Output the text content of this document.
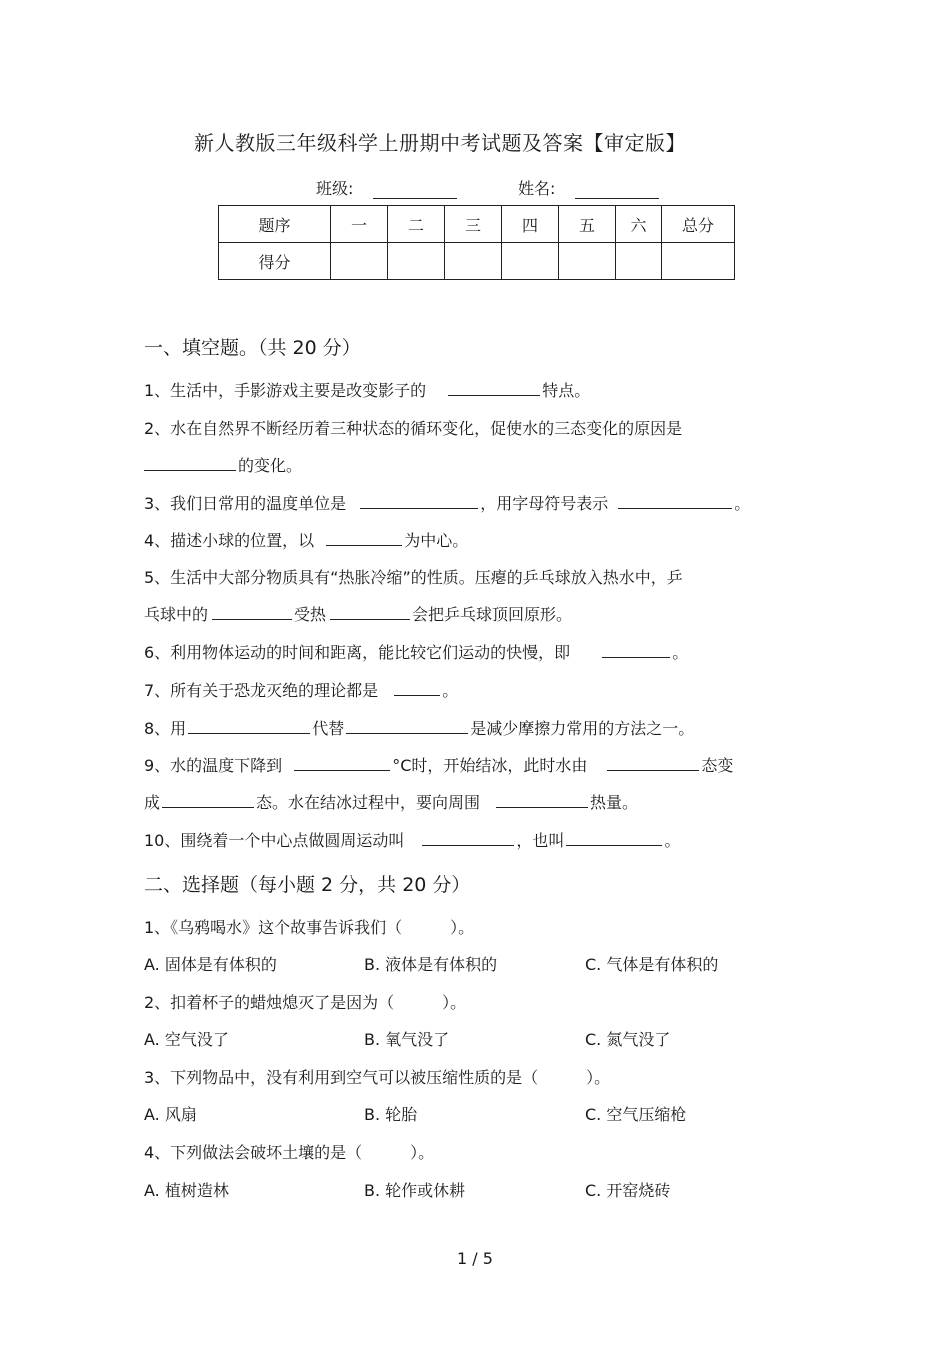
新人教版三年级科学上册期中考试题及答案【审定版】
班级:	姓名:
题序	一	二	三	四	五	六	总分
得分							
一、填空题。（共 20 分）
1、生活中，手影游戏主要是改变影子的	特点。
2、水在自然界不断经历着三种状态的循环变化，促使水的三态变化的原因是
的变化。
3、我们日常用的温度单位是	，用字母符号表示	。
4、描述小球的位置，以	为中心。
5、生活中大部分物质具有“热胀冷缩”的性质。压瘪的乒乓球放入热水中，乒
乓球中的	受热	会把乒乓球顶回原形。
6、利用物体运动的时间和距离，能比较它们运动的快慢，即	。
7、所有关于恐龙灭绝的理论都是	。
8、用	代替	是减少摩擦力常用的方法之一。
9、水的温度下降到	°C时，开始结冰，此时水由	态变
成	态。水在结冰过程中，要向周围	热量。
10、围绕着一个中心点做圆周运动叫	，也叫	。
二、选择题（每小题 2 分，共 20 分）
1、《乌鸦喝水》这个故事告诉我们（　　　）。
A. 固体是有体积的	B. 液体是有体积的	C. 气体是有体积的
2、扣着杯子的蜡烛熄灭了是因为（　　　）。
A. 空气没了	B. 氧气没了	C. 氮气没了
3、下列物品中，没有利用到空气可以被压缩性质的是（　　　）。
A. 风扇	B. 轮胎	C. 空气压缩枪
4、下列做法会破坏土壤的是（　　　）。
A. 植树造林	B. 轮作或休耕	C. 开窑烧砖
1 / 5
